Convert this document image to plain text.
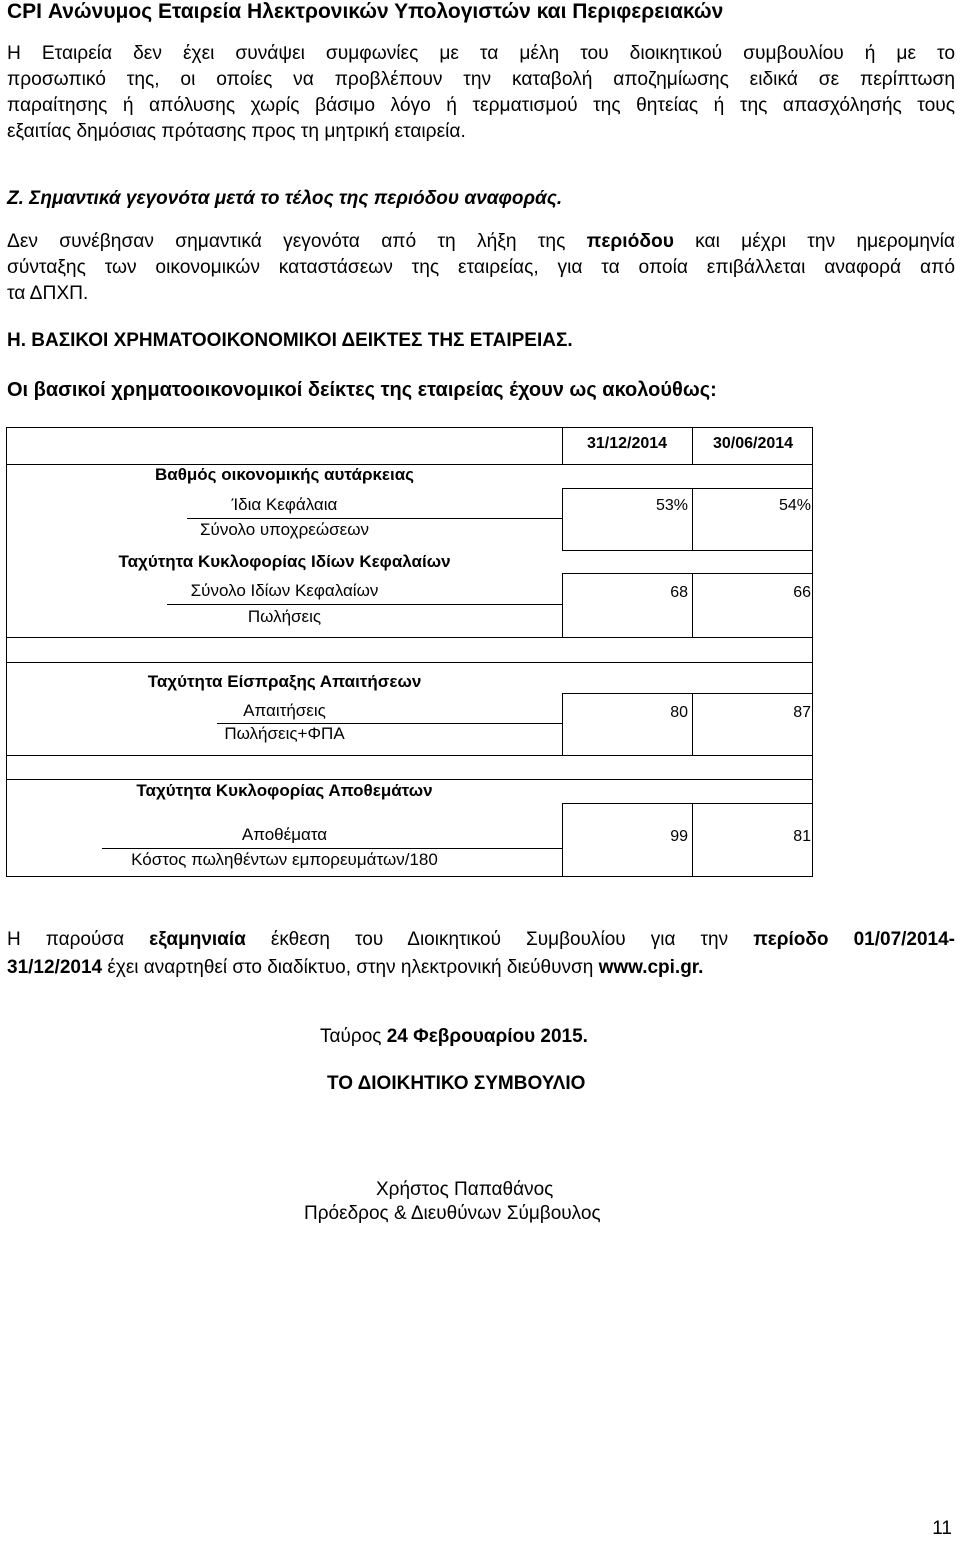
CPI Ανώνυμος Εταιρεία Ηλεκτρονικών Υπολογιστών και Περιφερειακών
Η Εταιρεία δεν έχει συνάψει συμφωνίες με τα μέλη του διοικητικού συμβουλίου ή με το
προσωπικό της, οι οποίες να προβλέπουν την καταβολή αποζημίωσης ειδικά σε περίπτωση
παραίτησης ή απόλυσης χωρίς βάσιμο λόγο ή τερματισμού της θητείας ή της απασχόλησής τους
εξαιτίας δημόσιας πρότασης προς τη μητρική εταιρεία.
Ζ. Σημαντικά γεγονότα μετά το τέλος της περιόδου αναφοράς.
Δεν συνέβησαν σημαντικά γεγονότα από τη λήξη της περιόδου και μέχρι την ημερομηνία
σύνταξης των οικονομικών καταστάσεων της εταιρείας, για τα οποία επιβάλλεται αναφορά από
τα ΔΠΧΠ.
Η. ΒΑΣΙΚΟΙ ΧΡΗΜΑΤΟΟΙΚΟΝΟΜΙΚΟΙ ΔΕΙΚΤΕΣ ΤΗΣ ΕΤΑΙΡΕΙΑΣ.
Οι βασικοί χρηματοοικονομικοί δείκτες της εταιρείας έχουν ως ακολούθως:
31/12/2014	30/06/2014
Βαθμός οικονομικής αυτάρκειας
Ίδια Κεφάλαια
Σύνολο υποχρεώσεων
53%	54%
Ταχύτητα Κυκλοφορίας Ιδίων Κεφαλαίων
Σύνολο Ιδίων Κεφαλαίων
Πωλήσεις
68	66
Ταχύτητα Είσπραξης Απαιτήσεων
Απαιτήσεις
Πωλήσεις+ΦΠΑ
80	87
Ταχύτητα Κυκλοφορίας Αποθεμάτων
Αποθέματα
Κόστος πωληθέντων εμπορευμάτων/180
99	81
Η παρούσα εξαμηνιαία έκθεση του Διοικητικού Συμβουλίου για την περίοδο 01/07/2014-
31/12/2014 έχει αναρτηθεί στο διαδίκτυο, στην ηλεκτρονική διεύθυνση www.cpi.gr.
Ταύρος 24 Φεβρουαρίου 2015.
ΤΟ ΔΙΟΙΚΗΤΙΚΟ ΣΥΜΒΟΥΛΙΟ
Χρήστος Παπαθάνος
Πρόεδρος & Διευθύνων Σύμβουλος
11
